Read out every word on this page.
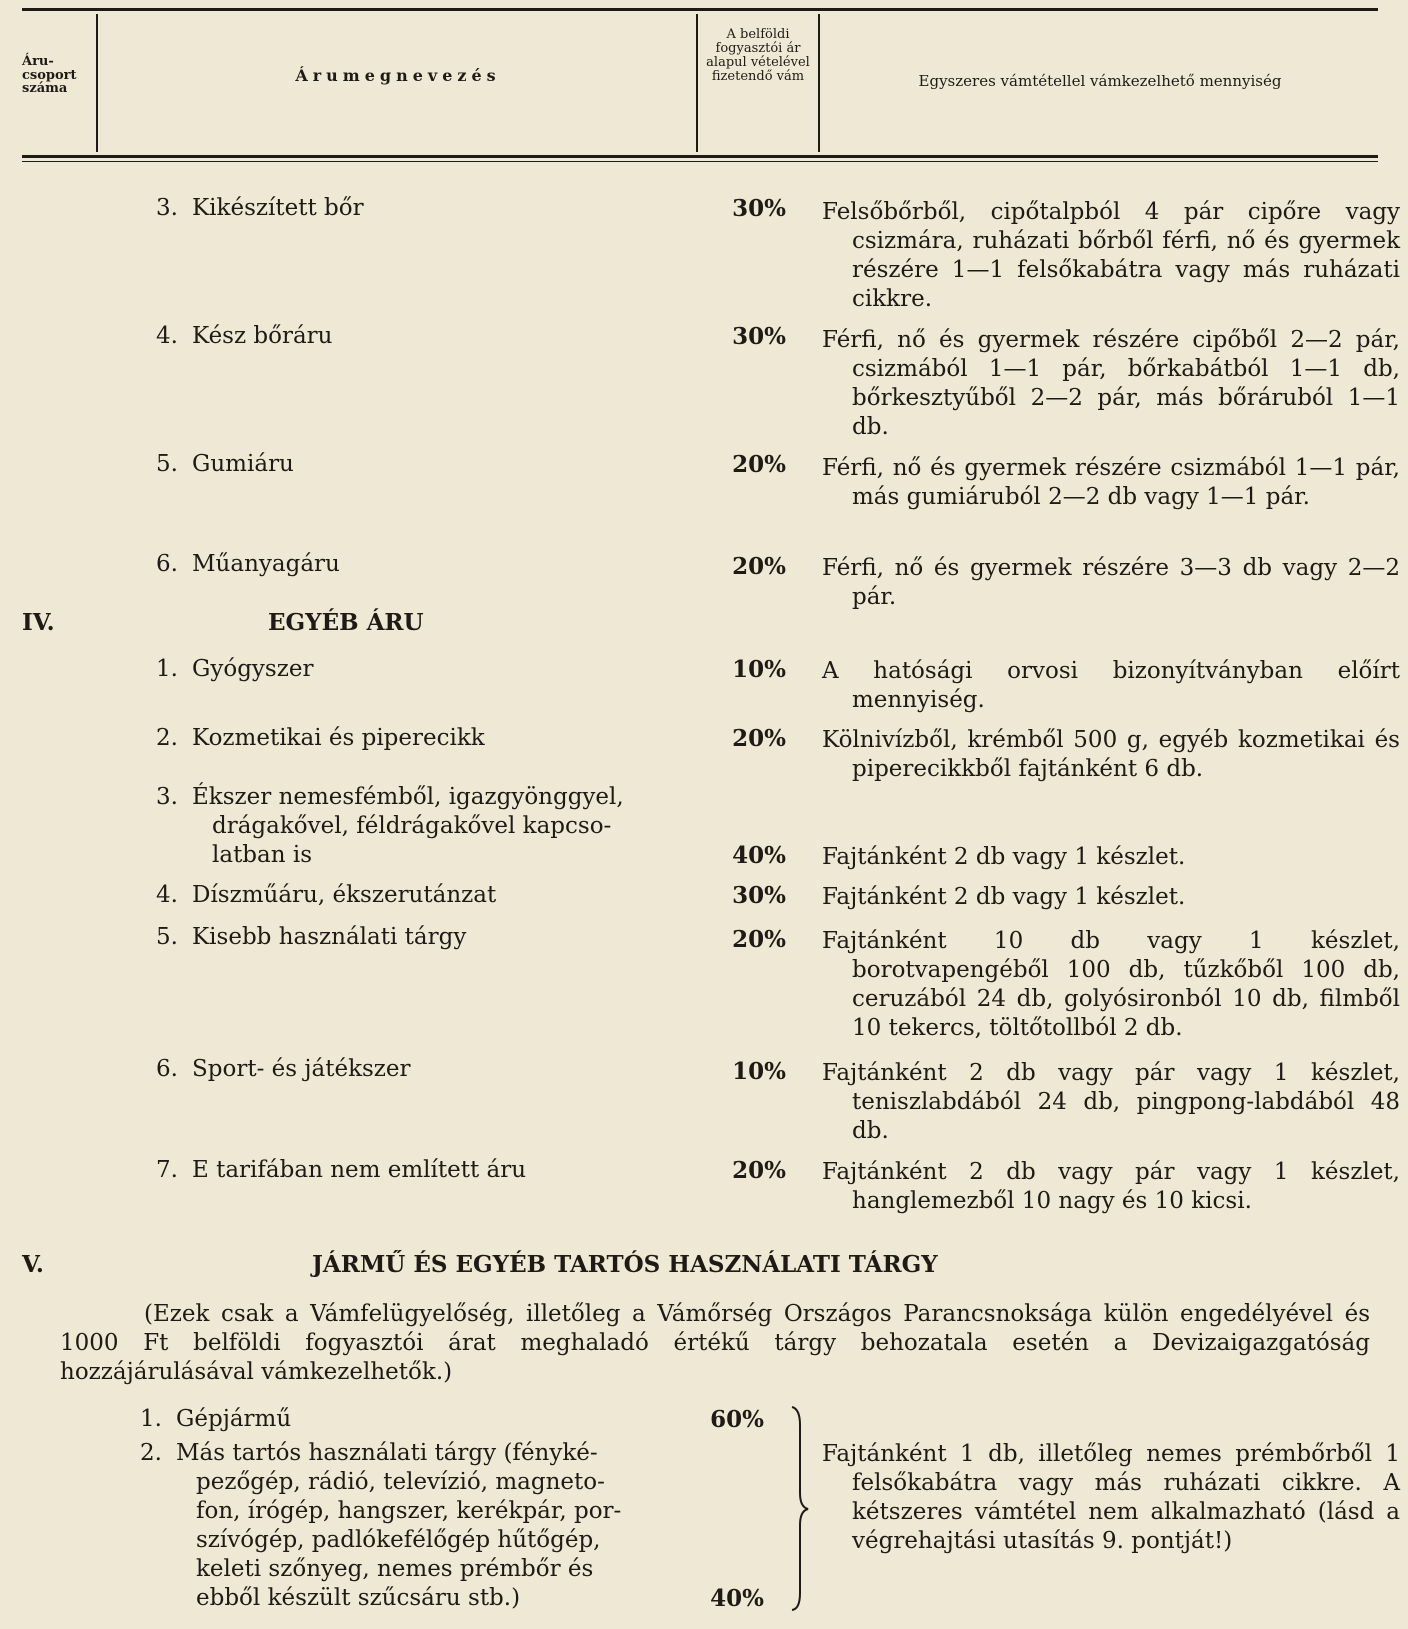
Áru-csoport száma
Árumegnevezés
A belföldi fogyasztói ár alapul vételével fizetendő vám	Egyszeres vámtétellel vámkezelhető mennyiség
3. Kikészített bőr	30%	Felsőbőrből, cipőtalpból 4 pár cipőre vagy csizmára, ruházati bőrből férfi, nő és gyermek részére 1—1 felsőkabátra vagy más ruházati cikkre.
4. Kész bőráru	30%	Férfi, nő és gyermek részére cipőből 2—2 pár, csizmából 1—1 pár, bőrkabátból 1—1 db, bőrkesztyűből 2—2 pár, más bőráruból 1—1 db.
5. Gumiáru	20%	Férfi, nő és gyermek részére csizmából 1—1 pár, más gumiáruból 2—2 db vagy 1—1 pár.
6. Műanyagáru	20%	Férfi, nő és gyermek részére 3—3 db vagy 2—2 pár.
IV.	EGYÉB ÁRU
1. Gyógyszer	10%	A hatósági orvosi bizonyítványban előírt mennyiség.
2. Kozmetikai és piperecikk	20%	Kölnivízből, krémből 500 g, egyéb kozmetikai és piperecikkből fajtánként 6 db.
3. Ékszer nemesfémből, igazgyönggyel,
drágakővel, féldrágakővel kapcso-
latban is	40%	Fajtánként 2 db vagy 1 készlet.
4. Díszműáru, ékszerutánzat	30%	Fajtánként 2 db vagy 1 készlet.
5. Kisebb használati tárgy	20%	Fajtánként 10 db vagy 1 készlet, borotvapengéből 100 db, tűzkőből 100 db, ceruzából 24 db, golyósironból 10 db, filmből 10 tekercs, töltőtollból 2 db.
6. Sport- és játékszer	10%	Fajtánként 2 db vagy pár vagy 1 készlet, teniszlabdából 24 db, pingpong-labdából 48 db.
7. E tarifában nem említett áru	20%	Fajtánként 2 db vagy pár vagy 1 készlet, hanglemezből 10 nagy és 10 kicsi.
V.	JÁRMŰ ÉS EGYÉB TARTÓS HASZNÁLATI TÁRGY
(Ezek csak a Vámfelügyelőség, illetőleg a Vámőrség Országos Parancsnoksága külön engedélyével és 1000 Ft belföldi fogyasztói árat meghaladó értékű tárgy behozatala esetén a Devizaigazgatóság hozzájárulásával vámkezelhetők.)
1. Gépjármű	60%
2. Más tartós használati tárgy (fényké-
pezőgép, rádió, televízió, magneto-
fon, írógép, hangszer, kerékpár, por-
szívógép, padlókefélőgép hűtőgép,
keleti szőnyeg, nemes prémbőr és
ebből készült szűcsáru stb.)	40%
Fajtánként 1 db, illetőleg nemes prémbőrből 1 felsőkabátra vagy más ruházati cikkre. A kétszeres vámtétel nem alkalmazható (lásd a végrehajtási utasítás 9. pontját!)
